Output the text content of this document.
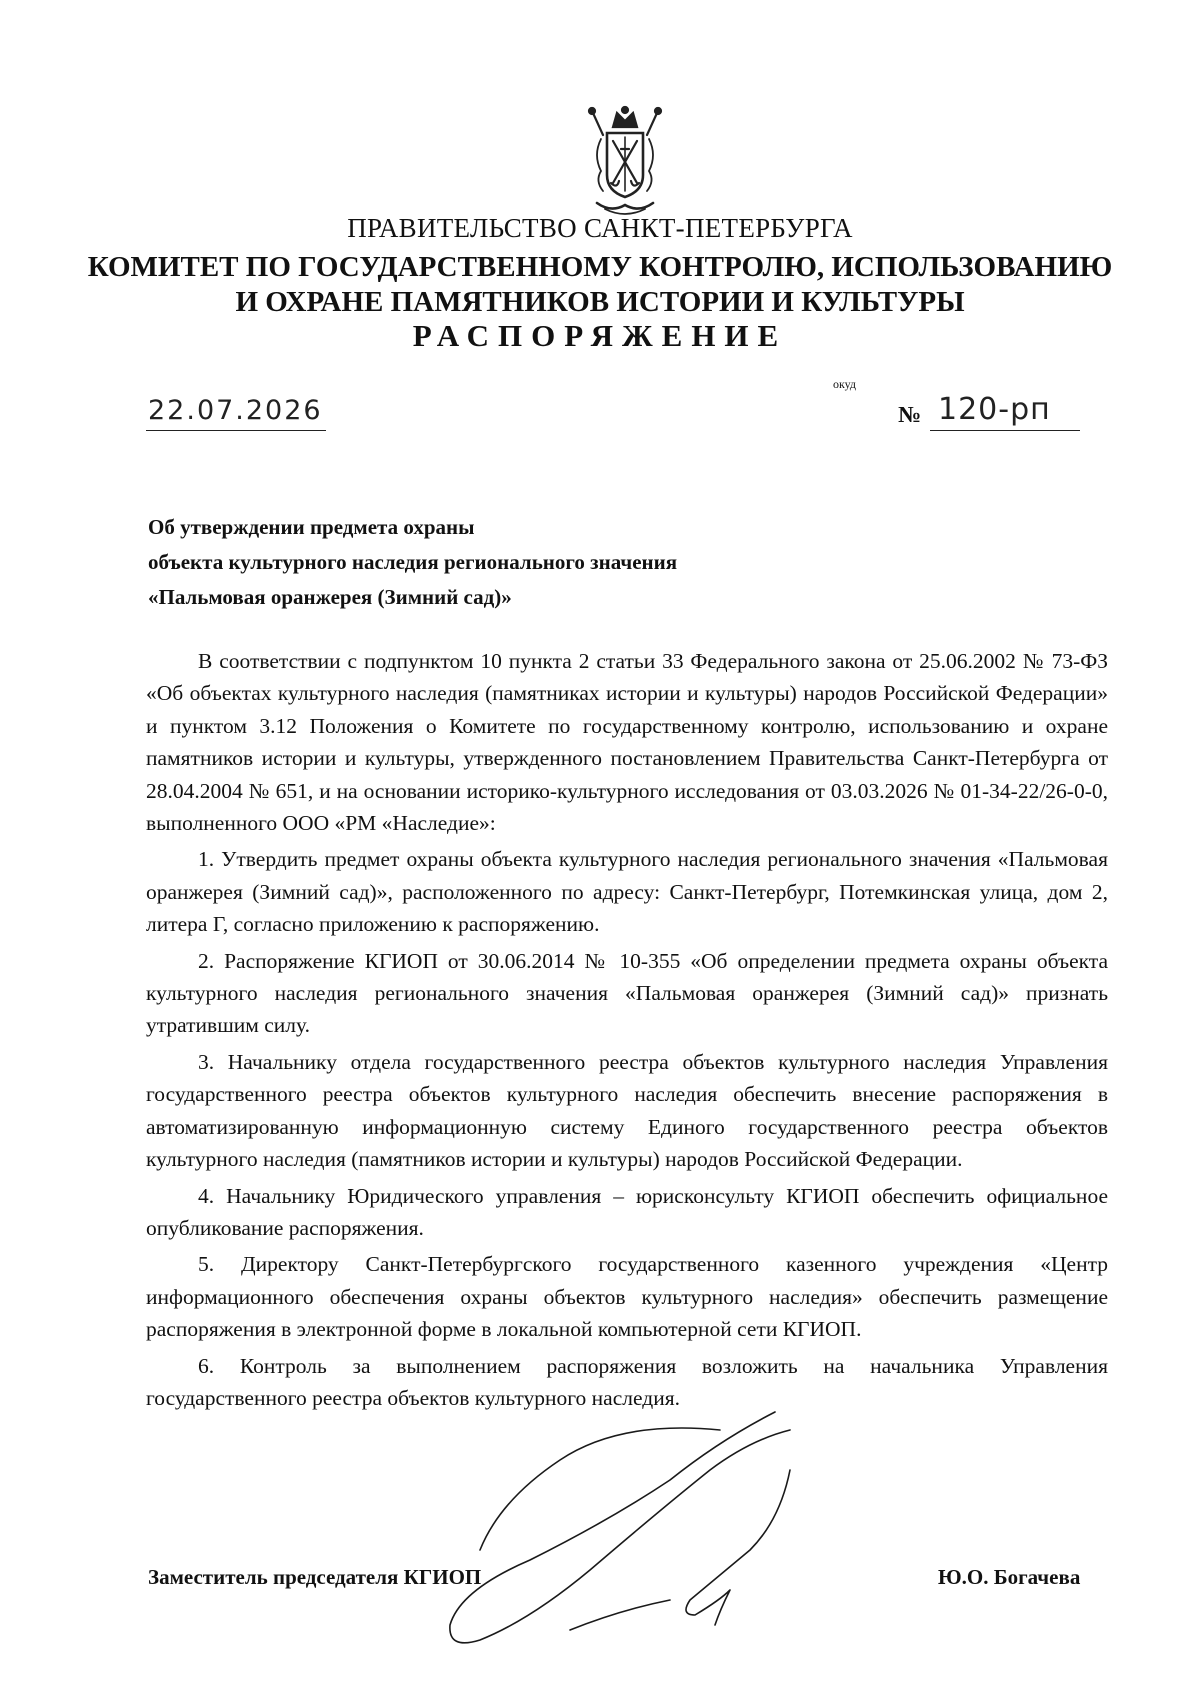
ПРАВИТЕЛЬСТВО САНКТ-ПЕТЕРБУРГА
КОМИТЕТ ПО ГОСУДАРСТВЕННОМУ КОНТРОЛЮ, ИСПОЛЬЗОВАНИЮ
И ОХРАНЕ ПАМЯТНИКОВ ИСТОРИИ И КУЛЬТУРЫ
РАСПОРЯЖЕНИЕ
окуд
22.07.2026	№ 120-рп
Об утверждении предмета охраны
объекта культурного наследия регионального значения
«Пальмовая оранжерея (Зимний сад)»

В соответствии с подпунктом 10 пункта 2 статьи 33 Федерального закона от 25.06.2002 № 73-ФЗ «Об объектах культурного наследия (памятниках истории и культуры) народов Российской Федерации» и пунктом 3.12 Положения о Комитете по государственному контролю, использованию и охране памятников истории и культуры, утвержденного постановлением Правительства Санкт-Петербурга от 28.04.2004 № 651, и на основании историко-культурного исследования от 03.03.2026 № 01-34-22/26-0-0, выполненного ООО «РМ «Наследие»:

1. Утвердить предмет охраны объекта культурного наследия регионального значения «Пальмовая оранжерея (Зимний сад)», расположенного по адресу: Санкт-Петербург, Потемкинская улица, дом 2, литера Г, согласно приложению к распоряжению.

2. Распоряжение КГИОП от 30.06.2014 № 10-355 «Об определении предмета охраны объекта культурного наследия регионального значения «Пальмовая оранжерея (Зимний сад)» признать утратившим силу.

3. Начальнику отдела государственного реестра объектов культурного наследия Управления государственного реестра объектов культурного наследия обеспечить внесение распоряжения в автоматизированную информационную систему Единого государственного реестра объектов культурного наследия (памятников истории и культуры) народов Российской Федерации.

4. Начальнику Юридического управления – юрисконсульту КГИОП обеспечить официальное опубликование распоряжения.

5. Директору Санкт-Петербургского государственного казенного учреждения «Центр информационного обеспечения охраны объектов культурного наследия» обеспечить размещение распоряжения в электронной форме в локальной компьютерной сети КГИОП.

6. Контроль за выполнением распоряжения возложить на начальника Управления государственного реестра объектов культурного наследия.

Заместитель председателя КГИОП	Ю.О. Богачева
